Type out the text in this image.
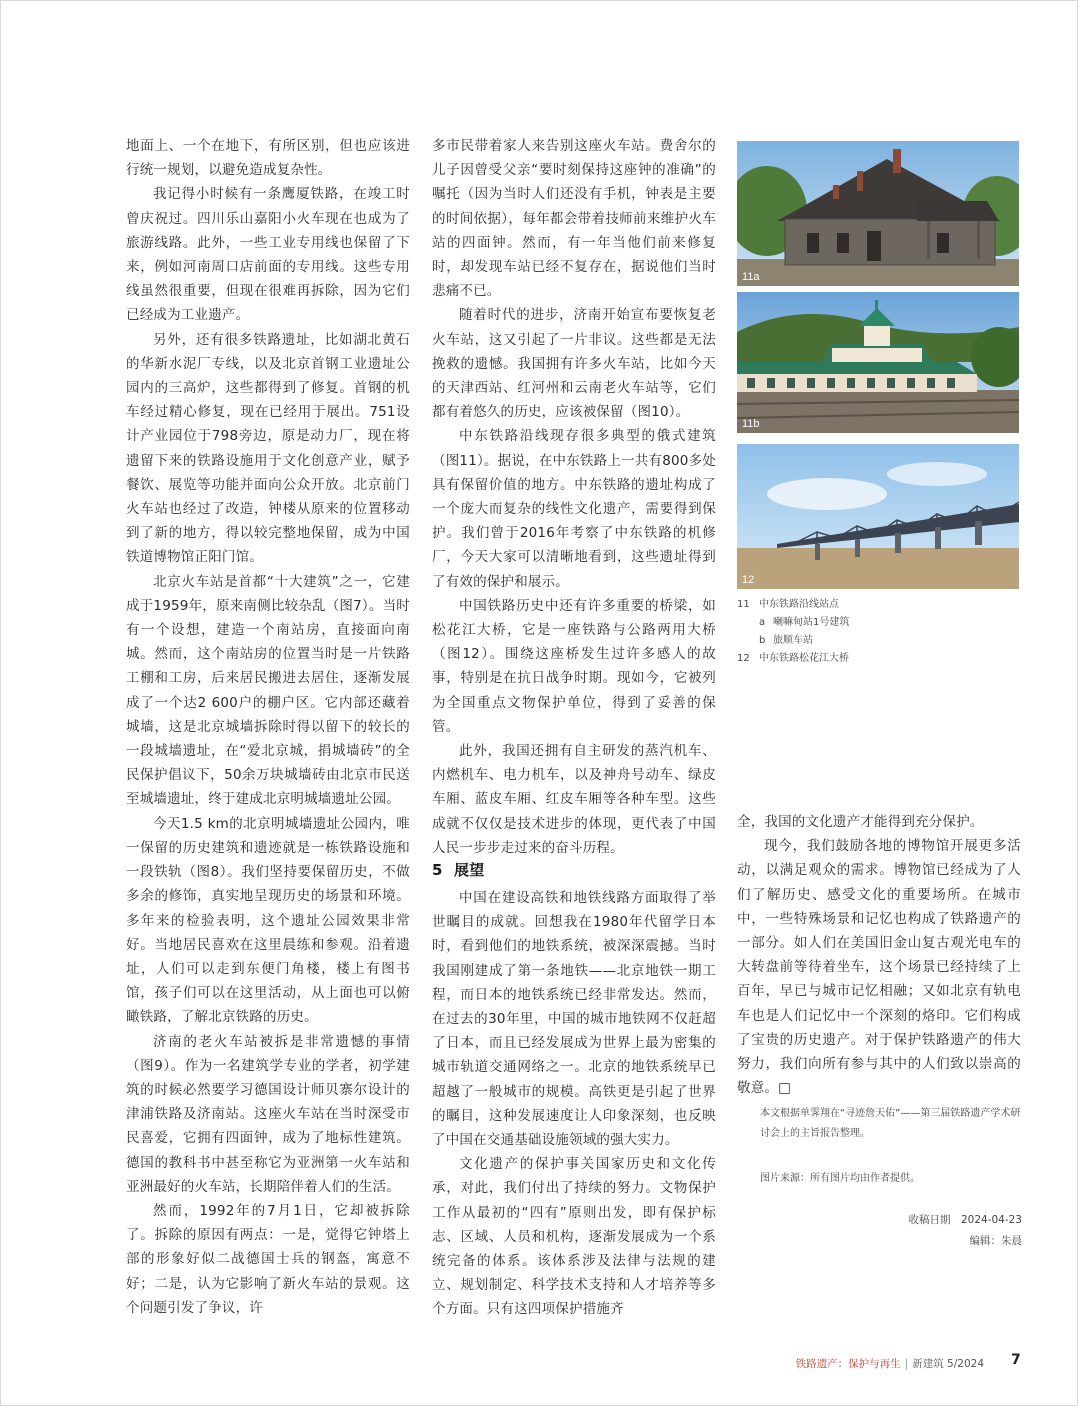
地面上、一个在地下，有所区别，但也应该进行统一规划，以避免造成复杂性。

我记得小时候有一条鹰厦铁路，在竣工时曾庆祝过。四川乐山嘉阳小火车现在也成为了旅游线路。此外，一些工业专用线也保留了下来，例如河南周口店前面的专用线。这些专用线虽然很重要，但现在很难再拆除，因为它们已经成为工业遗产。

另外，还有很多铁路遗址，比如湖北黄石的华新水泥厂专线，以及北京首钢工业遗址公园内的三高炉，这些都得到了修复。首钢的机车经过精心修复，现在已经用于展出。751设计产业园位于798旁边，原是动力厂，现在将遗留下来的铁路设施用于文化创意产业，赋予餐饮、展览等功能并面向公众开放。北京前门火车站也经过了改造，钟楼从原来的位置移动到了新的地方，得以较完整地保留，成为中国铁道博物馆正阳门馆。

北京火车站是首都“十大建筑”之一，它建成于1959年，原来南侧比较杂乱（图7）。当时有一个设想，建造一个南站房，直接面向南城。然而，这个南站房的位置当时是一片铁路工棚和工房，后来居民搬进去居住，逐渐发展成了一个达2 600户的棚户区。它内部还藏着城墙，这是北京城墙拆除时得以留下的较长的一段城墙遗址，在“爱北京城，捐城墙砖”的全民保护倡议下，50余万块城墙砖由北京市民送至城墙遗址，终于建成北京明城墙遗址公园。

今天1.5 km的北京明城墙遗址公园内，唯一保留的历史建筑和遗迹就是一栋铁路设施和一段铁轨（图8）。我们坚持要保留历史，不做多余的修饰，真实地呈现历史的场景和环境。多年来的检验表明，这个遗址公园效果非常好。当地居民喜欢在这里晨练和参观。沿着遗址，人们可以走到东便门角楼，楼上有图书馆，孩子们可以在这里活动，从上面也可以俯瞰铁路，了解北京铁路的历史。

济南的老火车站被拆是非常遗憾的事情（图9）。作为一名建筑学专业的学者，初学建筑的时候必然要学习德国设计师贝寨尔设计的津浦铁路及济南站。这座火车站在当时深受市民喜爱，它拥有四面钟，成为了地标性建筑。德国的教科书中甚至称它为亚洲第一火车站和亚洲最好的火车站，长期陪伴着人们的生活。

然而，1992年的7月1日，它却被拆除了。拆除的原因有两点：一是，觉得它钟塔上部的形象好似二战德国士兵的钢盔，寓意不好；二是，认为它影响了新火车站的景观。这个问题引发了争议，许

多市民带着家人来告别这座火车站。费舍尔的儿子因曾受父亲“要时刻保持这座钟的准确”的嘱托（因为当时人们还没有手机，钟表是主要的时间依据），每年都会带着技师前来维护火车站的四面钟。然而，有一年当他们前来修复时，却发现车站已经不复存在，据说他们当时悲痛不已。

随着时代的进步，济南开始宣布要恢复老火车站，这又引起了一片非议。这些都是无法挽救的遗憾。我国拥有许多火车站，比如今天的天津西站、红河州和云南老火车站等，它们都有着悠久的历史，应该被保留（图10）。

中东铁路沿线现存很多典型的俄式建筑（图11）。据说，在中东铁路上一共有800多处具有保留价值的地方。中东铁路的遗址构成了一个庞大而复杂的线性文化遗产，需要得到保护。我们曾于2016年考察了中东铁路的机修厂，今天大家可以清晰地看到，这些遗址得到了有效的保护和展示。

中国铁路历史中还有许多重要的桥梁，如松花江大桥，它是一座铁路与公路两用大桥（图12）。围绕这座桥发生过许多感人的故事，特别是在抗日战争时期。现如今，它被列为全国重点文物保护单位，得到了妥善的保管。

此外，我国还拥有自主研发的蒸汽机车、内燃机车、电力机车，以及神舟号动车、绿皮车厢、蓝皮车厢、红皮车厢等各种车型。这些成就不仅仅是技术进步的体现，更代表了中国人民一步步走过来的奋斗历程。

5 展望

中国在建设高铁和地铁线路方面取得了举世瞩目的成就。回想我在1980年代留学日本时，看到他们的地铁系统，被深深震撼。当时我国刚建成了第一条地铁——北京地铁一期工程，而日本的地铁系统已经非常发达。然而，在过去的30年里，中国的城市地铁网不仅赶超了日本，而且已经发展成为世界上最为密集的城市轨道交通网络之一。北京的地铁系统早已超越了一般城市的规模。高铁更是引起了世界的瞩目，这种发展速度让人印象深刻，也反映了中国在交通基础设施领域的强大实力。

文化遗产的保护事关国家历史和文化传承，对此，我们付出了持续的努力。文物保护工作从最初的“四有”原则出发，即有保护标志、区域、人员和机构，逐渐发展成为一个系统完备的体系。该体系涉及法律与法规的建立、规划制定、科学技术支持和人才培养等多个方面。只有这四项保护措施齐

全，我国的文化遗产才能得到充分保护。

现今，我们鼓励各地的博物馆开展更多活动，以满足观众的需求。博物馆已经成为了人们了解历史、感受文化的重要场所。在城市中，一些特殊场景和记忆也构成了铁路遗产的一部分。如人们在美国旧金山复古观光电车的大转盘前等待着坐车，这个场景已经持续了上百年，早已与城市记忆相融；又如北京有轨电车也是人们记忆中一个深刻的烙印。它们构成了宝贵的历史遗产。对于保护铁路遗产的伟大努力，我们向所有参与其中的人们致以崇高的敬意。□

11a
11b
12
11 中东铁路沿线站点
a 喇嘛甸站1号建筑
b 旅顺车站
12 中东铁路松花江大桥
本文根据单霁翔在“寻迹詹天佑”——第三届铁路遗产学术研讨会上的主旨报告整理。
图片来源：所有图片均由作者提供。
收稿日期　2024-04-23
编辑：朱晨
铁路遗产：保护与再生 | 新建筑 5/2024 7
